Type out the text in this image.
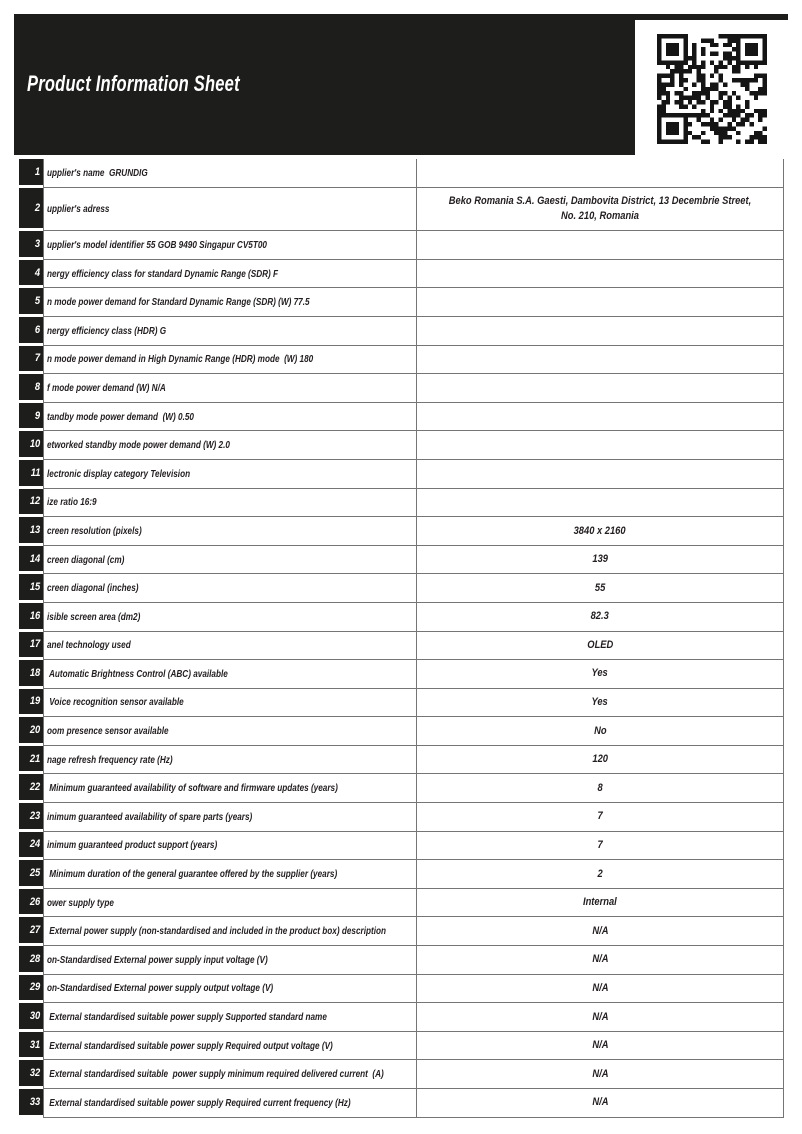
Product Information Sheet
1 upplier's name  GRUNDIG
2 upplier's adress
Beko Romania S.A. Gaesti, Dambovita District, 13 Decembrie Street, No. 210, Romania
3 upplier's model identifier 55 GOB 9490 Singapur CV5T00
4 nergy efficiency class for standard Dynamic Range (SDR) F
5 n mode power demand for Standard Dynamic Range (SDR) (W) 77.5
6 nergy efficiency class (HDR) G
7 n mode power demand in High Dynamic Range (HDR) mode  (W) 180
8 f mode power demand (W) N/A
9 tandby mode power demand  (W) 0.50
10 etworked standby mode power demand (W) 2.0
11 lectronic display category Television
12 ize ratio 16:9
13 creen resolution (pixels)	3840 x 2160
14 creen diagonal (cm)	139
15 creen diagonal (inches)	55
16 isible screen area (dm2)	82.3
17 anel technology used	OLED
18 Automatic Brightness Control (ABC) available	Yes
19 Voice recognition sensor available	Yes
20 oom presence sensor available	No
21 nage refresh frequency rate (Hz)	120
22 Minimum guaranteed availability of software and firmware updates (years)	8
23 inimum guaranteed availability of spare parts (years)	7
24 inimum guaranteed product support (years)	7
25 Minimum duration of the general guarantee offered by the supplier (years)	2
26 ower supply type	Internal
27 External power supply (non-standardised and included in the product box) description	N/A
28 on-Standardised External power supply input voltage (V)	N/A
29 on-Standardised External power supply output voltage (V)	N/A
30 External standardised suitable power supply Supported standard name	N/A
31 External standardised suitable power supply Required output voltage (V)	N/A
32 External standardised suitable  power supply minimum required delivered current  (A)	N/A
33 External standardised suitable power supply Required current frequency (Hz)	N/A
